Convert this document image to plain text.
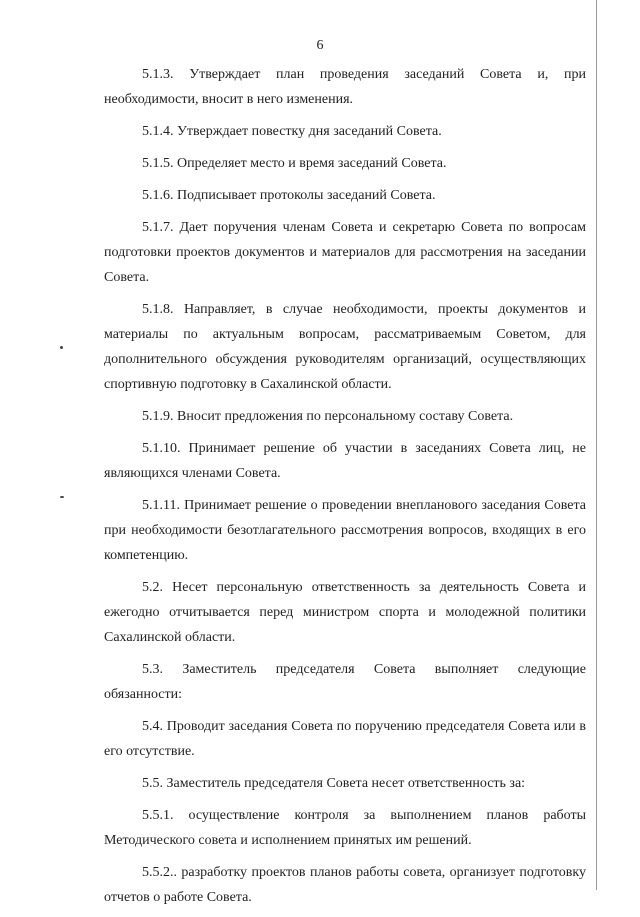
6

5.1.3. Утверждает план проведения заседаний Совета и, при необходимости, вносит в него изменения.

5.1.4. Утверждает повестку дня заседаний Совета.

5.1.5. Определяет место и время заседаний Совета.

5.1.6. Подписывает протоколы заседаний Совета.

5.1.7. Дает поручения членам Совета и секретарю Совета по вопросам подготовки проектов документов и материалов для рассмотрения на заседании Совета.

5.1.8. Направляет, в случае необходимости, проекты документов и материалы по актуальным вопросам, рассматриваемым Советом, для дополнительного обсуждения руководителям организаций, осуществляющих спортивную подготовку в Сахалинской области.

5.1.9. Вносит предложения по персональному составу Совета.

5.1.10. Принимает решение об участии в заседаниях Совета лиц, не являющихся членами Совета.

5.1.11. Принимает решение о проведении внепланового заседания Совета при необходимости безотлагательного рассмотрения вопросов, входящих в его компетенцию.

5.2. Несет персональную ответственность за деятельность Совета и ежегодно отчитывается перед министром спорта и молодежной политики Сахалинской области.

5.3. Заместитель председателя Совета выполняет следующие обязанности:

5.4. Проводит заседания Совета по поручению председателя Совета или в его отсутствие.

5.5. Заместитель председателя Совета несет ответственность за:

5.5.1. осуществление контроля за выполнением планов работы Методического совета и исполнением принятых им решений.

5.5.2.. разработку проектов планов работы совета, организует подготовку отчетов о работе Совета.
